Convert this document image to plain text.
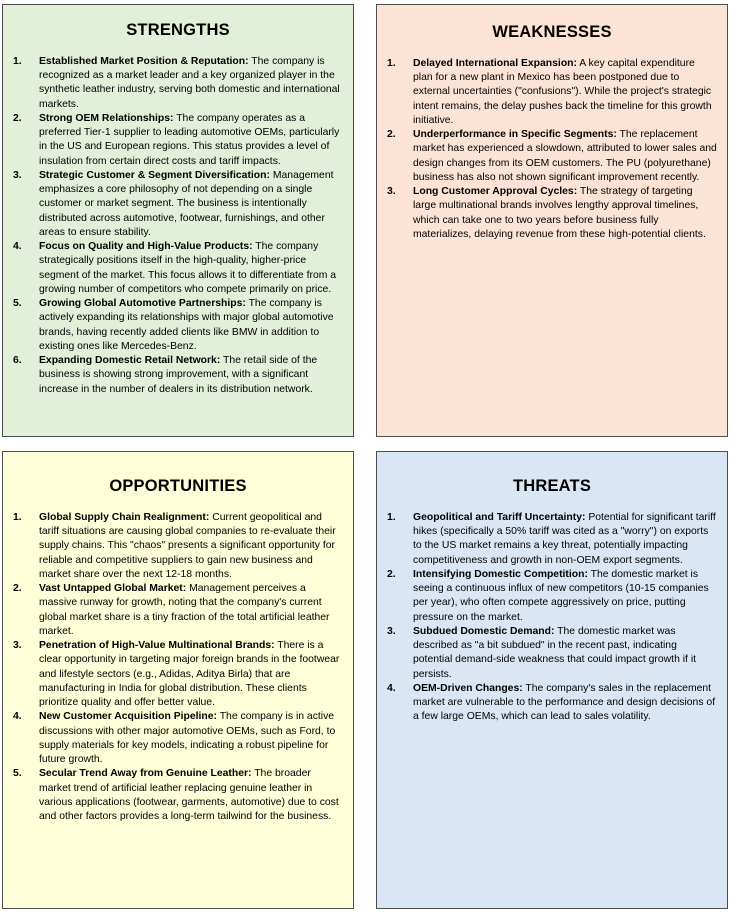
STRENGTHS
1.	Established Market Position & Reputation: The company is recognized as a market leader and a key organized player in the synthetic leather industry, serving both domestic and international markets.
2.	Strong OEM Relationships: The company operates as a preferred Tier-1 supplier to leading automotive OEMs, particularly in the US and European regions. This status provides a level of insulation from certain direct costs and tariff impacts.
3.	Strategic Customer & Segment Diversification: Management emphasizes a core philosophy of not depending on a single customer or market segment. The business is intentionally distributed across automotive, footwear, furnishings, and other areas to ensure stability.
4.	Focus on Quality and High-Value Products: The company strategically positions itself in the high-quality, higher-price segment of the market. This focus allows it to differentiate from a growing number of competitors who compete primarily on price.
5.	Growing Global Automotive Partnerships: The company is actively expanding its relationships with major global automotive brands, having recently added clients like BMW in addition to existing ones like Mercedes-Benz.
6.	Expanding Domestic Retail Network: The retail side of the business is showing strong improvement, with a significant increase in the number of dealers in its distribution network.
WEAKNESSES
1.	Delayed International Expansion: A key capital expenditure plan for a new plant in Mexico has been postponed due to external uncertainties ("confusions"). While the project's strategic intent remains, the delay pushes back the timeline for this growth initiative.
2.	Underperformance in Specific Segments: The replacement market has experienced a slowdown, attributed to lower sales and design changes from its OEM customers. The PU (polyurethane) business has also not shown significant improvement recently.
3.	Long Customer Approval Cycles: The strategy of targeting large multinational brands involves lengthy approval timelines, which can take one to two years before business fully materializes, delaying revenue from these high-potential clients.
OPPORTUNITIES
1.	Global Supply Chain Realignment: Current geopolitical and tariff situations are causing global companies to re-evaluate their supply chains. This "chaos" presents a significant opportunity for reliable and competitive suppliers to gain new business and market share over the next 12-18 months.
2.	Vast Untapped Global Market: Management perceives a massive runway for growth, noting that the company's current global market share is a tiny fraction of the total artificial leather market.
3.	Penetration of High-Value Multinational Brands: There is a clear opportunity in targeting major foreign brands in the footwear and lifestyle sectors (e.g., Adidas, Aditya Birla) that are manufacturing in India for global distribution. These clients prioritize quality and offer better value.
4.	New Customer Acquisition Pipeline: The company is in active discussions with other major automotive OEMs, such as Ford, to supply materials for key models, indicating a robust pipeline for future growth.
5.	Secular Trend Away from Genuine Leather: The broader market trend of artificial leather replacing genuine leather in various applications (footwear, garments, automotive) due to cost and other factors provides a long-term tailwind for the business.
THREATS
1.	Geopolitical and Tariff Uncertainty: Potential for significant tariff hikes (specifically a 50% tariff was cited as a "worry") on exports to the US market remains a key threat, potentially impacting competitiveness and growth in non-OEM export segments.
2.	Intensifying Domestic Competition: The domestic market is seeing a continuous influx of new competitors (10-15 companies per year), who often compete aggressively on price, putting pressure on the market.
3.	Subdued Domestic Demand: The domestic market was described as "a bit subdued" in the recent past, indicating potential demand-side weakness that could impact growth if it persists.
4.	OEM-Driven Changes: The company's sales in the replacement market are vulnerable to the performance and design decisions of a few large OEMs, which can lead to sales volatility.
